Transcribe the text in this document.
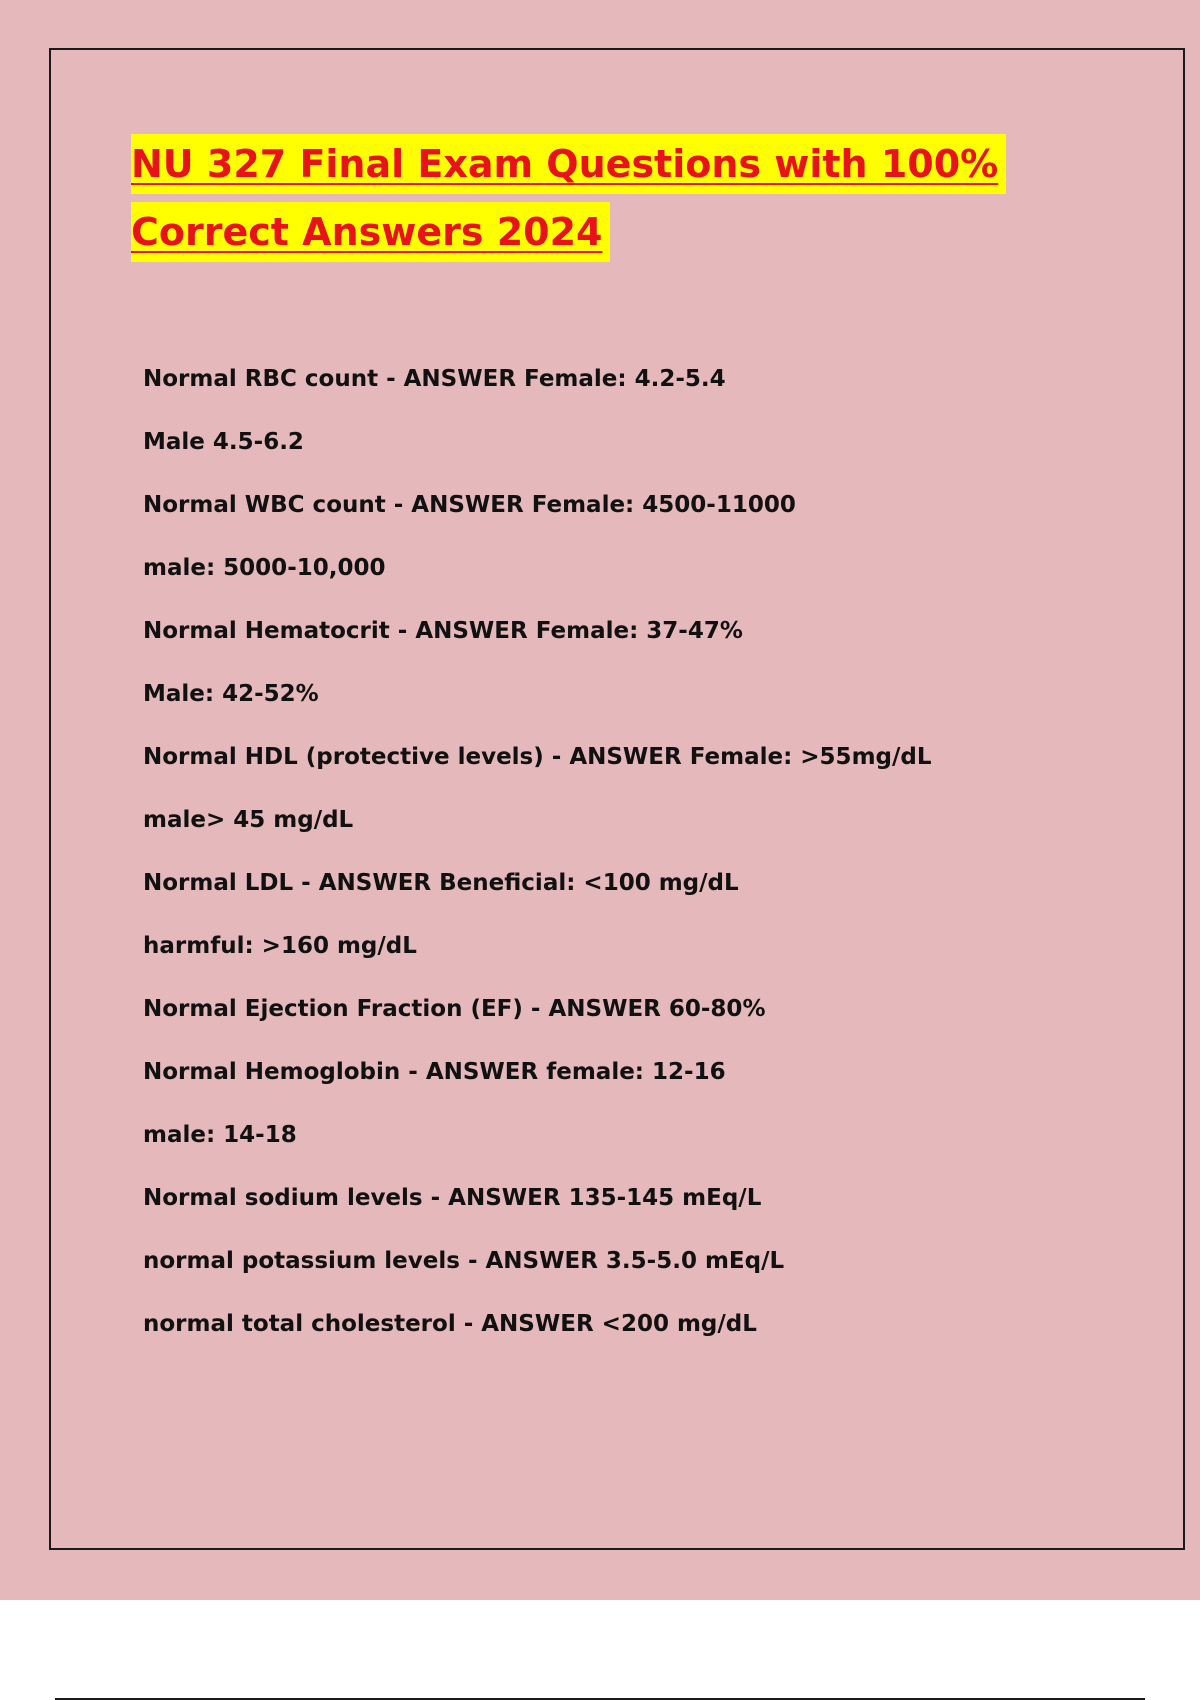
NU 327 Final Exam Questions with 100%
Correct Answers 2024
Normal RBC count - ANSWER Female: 4.2-5.4
Male 4.5-6.2
Normal WBC count - ANSWER Female: 4500-11000
male: 5000-10,000
Normal Hematocrit - ANSWER Female: 37-47%
Male: 42-52%
Normal HDL (protective levels) - ANSWER Female: >55mg/dL
male> 45 mg/dL
Normal LDL - ANSWER Beneficial: <100 mg/dL
harmful: >160 mg/dL
Normal Ejection Fraction (EF) - ANSWER 60-80%
Normal Hemoglobin - ANSWER female: 12-16
male: 14-18
Normal sodium levels - ANSWER 135-145 mEq/L
normal potassium levels - ANSWER 3.5-5.0 mEq/L
normal total cholesterol - ANSWER <200 mg/dL
